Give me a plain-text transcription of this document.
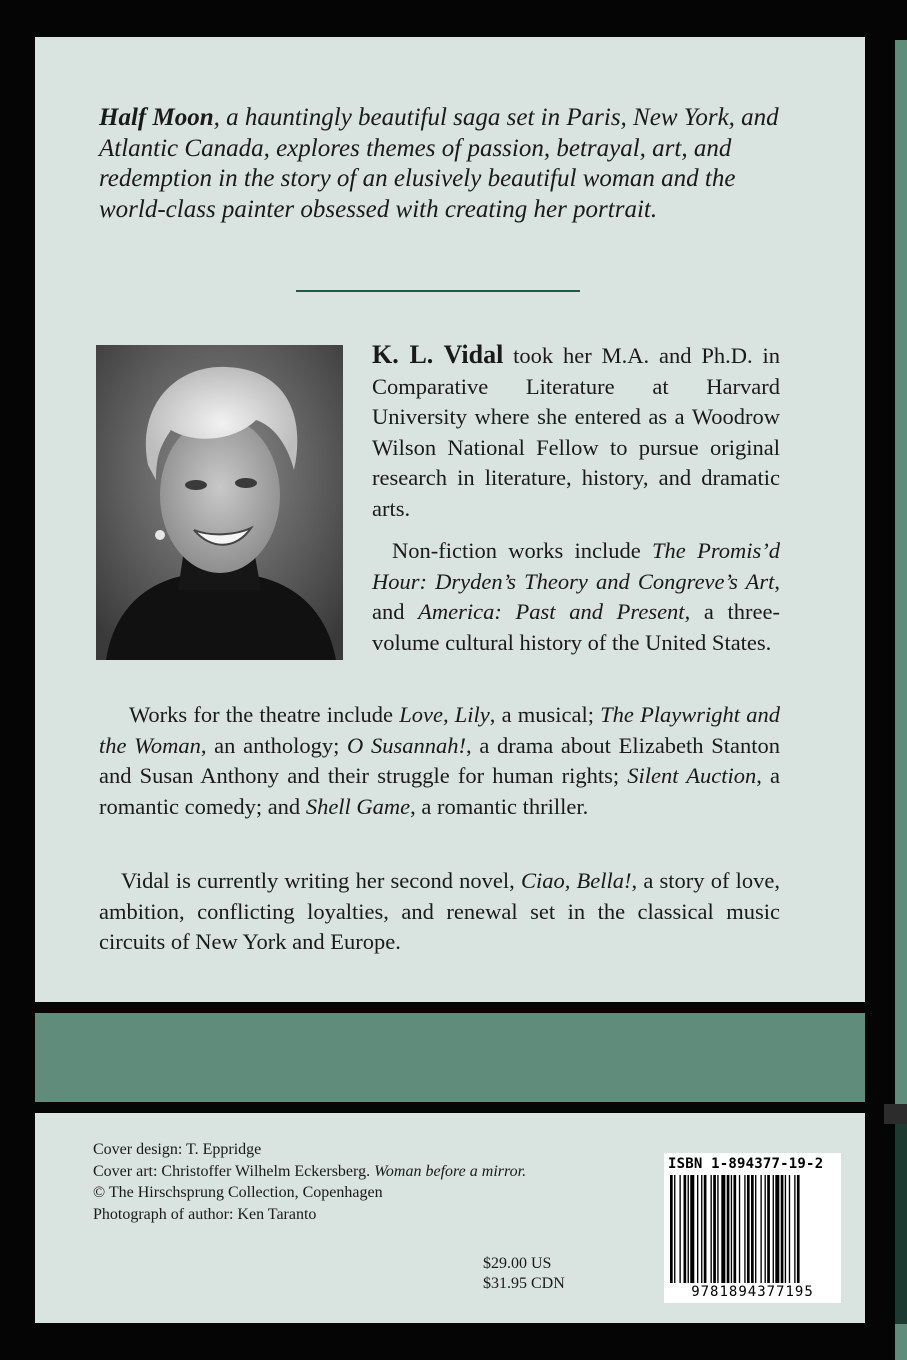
Half Moon, a hauntingly beautiful saga set in Paris, New York, and Atlantic Canada, explores themes of passion, betrayal, art, and redemption in the story of an elusively beautiful woman and the world-class painter obsessed with creating her portrait.

K. L. Vidal took her M.A. and Ph.D. in Comparative Literature at Harvard University where she entered as a Woodrow Wilson National Fellow to pursue original research in literature, history, and dramatic arts.

Non-fiction works include The Promis’d Hour: Dryden’s Theory and Congreve’s Art, and America: Past and Present, a three-volume cultural history of the United States.

Works for the theatre include Love, Lily, a musical; The Playwright and the Woman, an anthology; O Susannah!, a drama about Elizabeth Stanton and Susan Anthony and their struggle for human rights; Silent Auction, a romantic comedy; and Shell Game, a romantic thriller.

Vidal is currently writing her second novel, Ciao, Bella!, a story of love, ambition, conflicting loyalties, and renewal set in the classical music circuits of New York and Europe.

Cover design: T. Eppridge
Cover art: Christoffer Wilhelm Eckersberg. Woman before a mirror.
© The Hirschsprung Collection, Copenhagen
Photograph of author: Ken Taranto
$29.00 US
$31.95 CDN
ISBN 1-894377-19-2
9781894377195
